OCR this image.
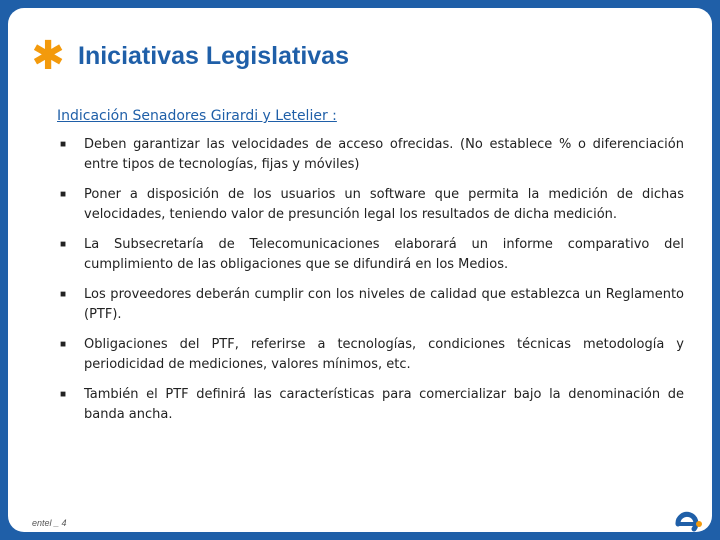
✱ Iniciativas Legislativas
Indicación Senadores Girardi y Letelier :
■	Deben garantizar las velocidades de acceso ofrecidas. (No establece % o diferenciación entre tipos de tecnologías, fijas y móviles)
■	Poner a disposición de los usuarios un software que permita la medición de dichas velocidades, teniendo valor de presunción legal los resultados de dicha medición.
■	La Subsecretaría de Telecomunicaciones elaborará un informe comparativo del cumplimiento de las obligaciones que se difundirá en los Medios.
■	Los proveedores deberán cumplir con los niveles de calidad que establezca un Reglamento (PTF).
■	Obligaciones del PTF, referirse a tecnologías, condiciones técnicas metodología y periodicidad de mediciones, valores mínimos, etc.
■	También el PTF definirá las características para comercializar bajo la denominación de banda ancha.
entel _ 4
